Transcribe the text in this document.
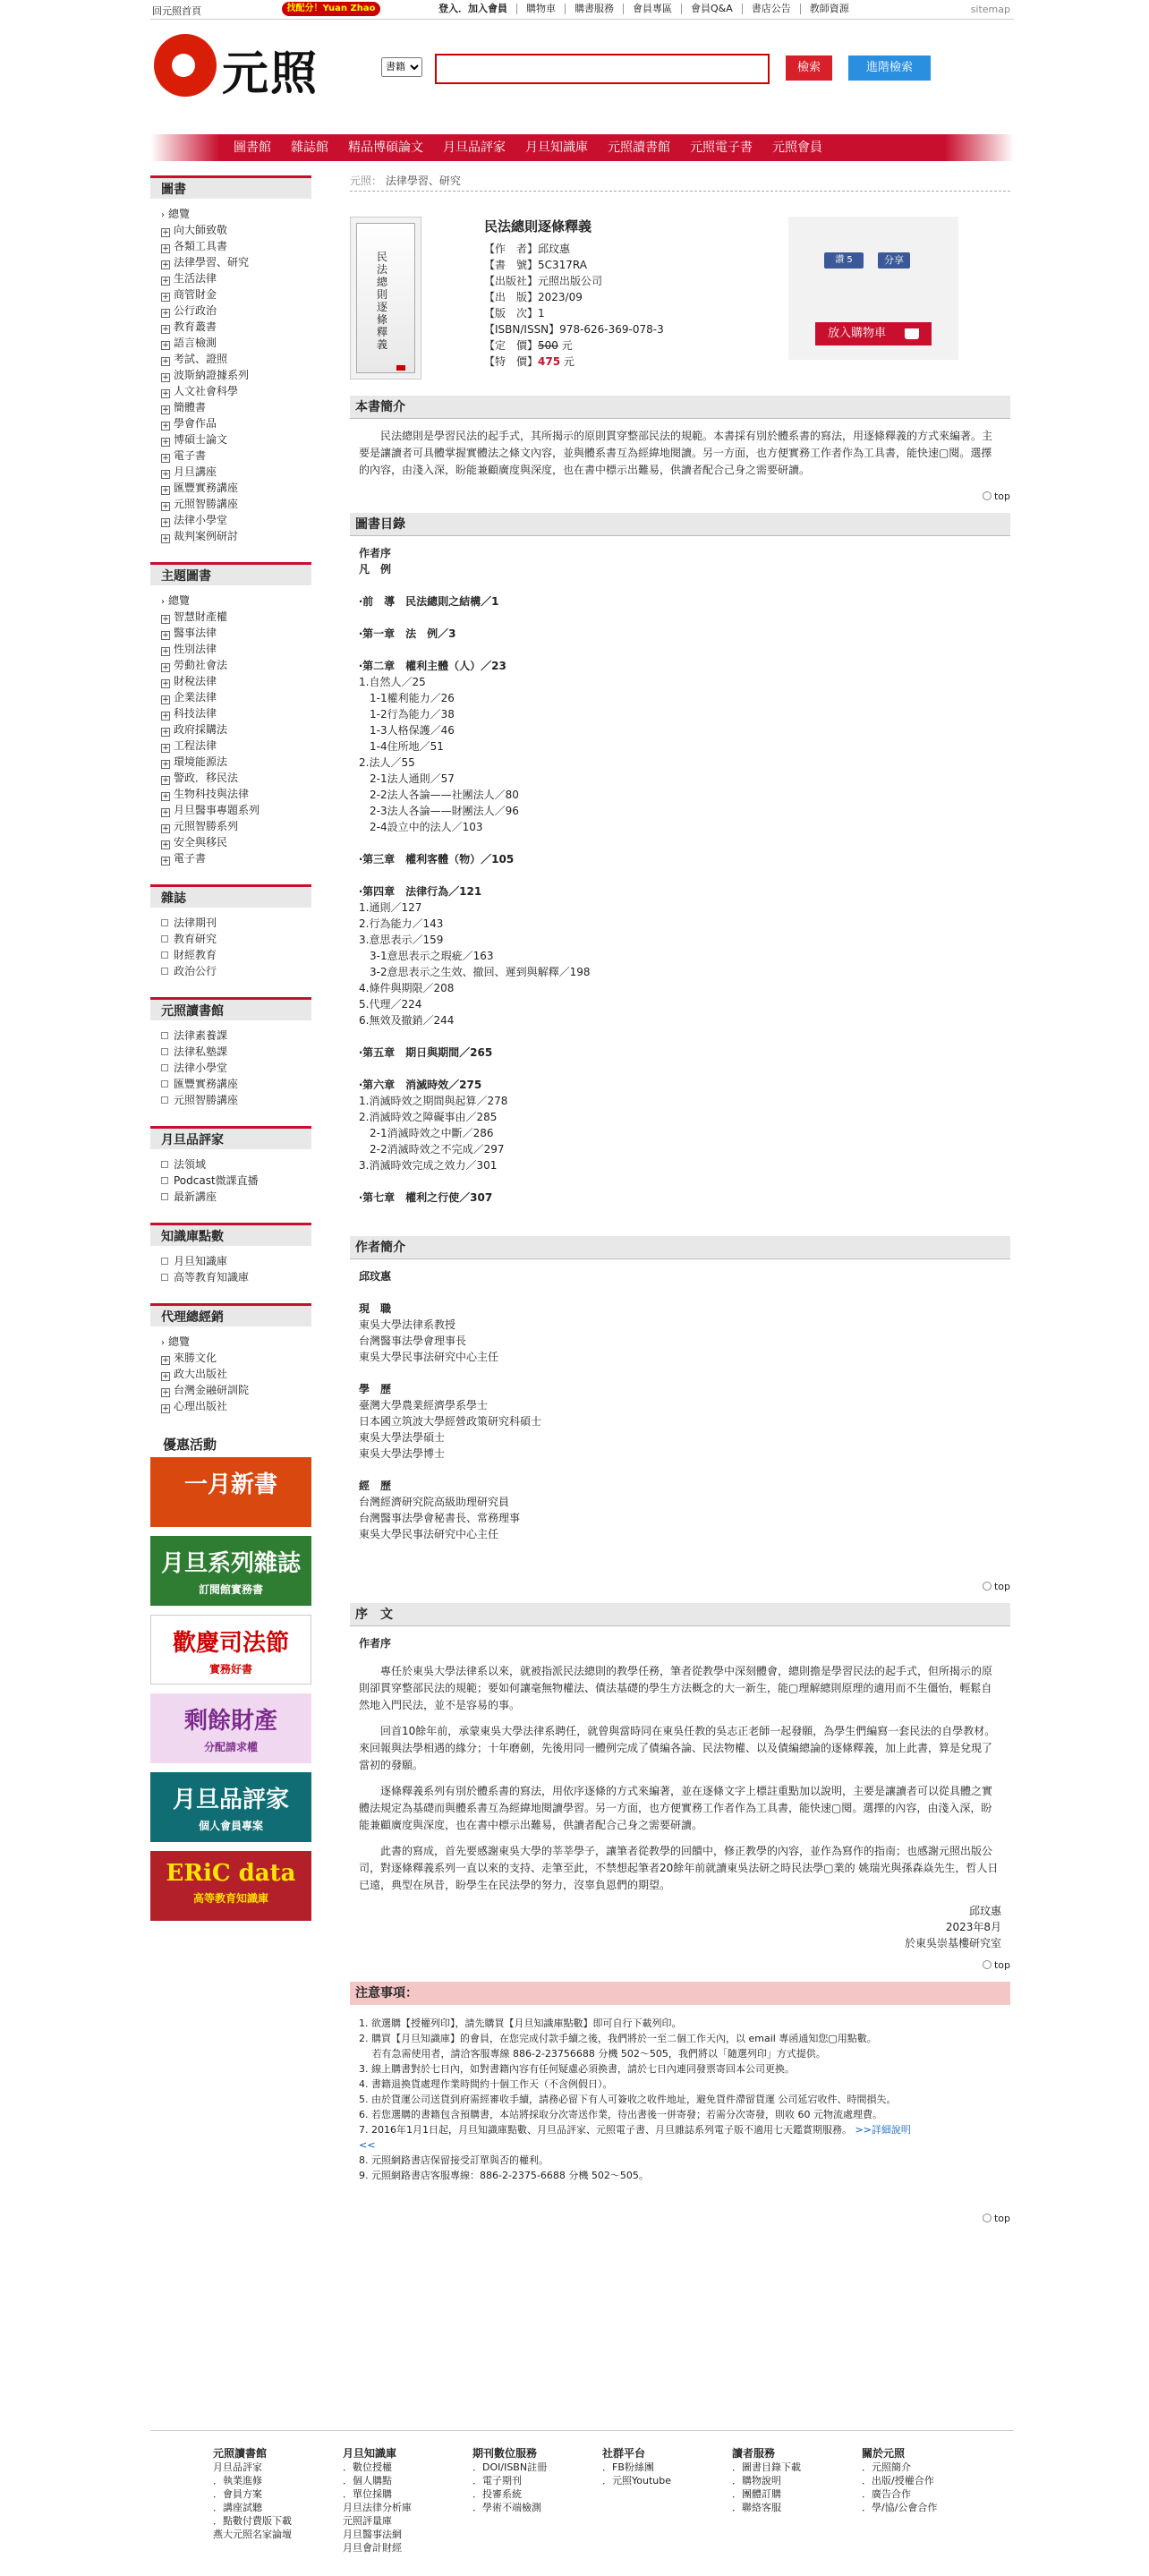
回元照首頁	找配分！Yuan Zhao	登入．加入會員	購物車	購書服務	會員專區	會員Q&A	書店公告	教師資源	sitemap
元照
書籍	檢索	進階檢索
圖書館	雜誌館	精品博碩論文	月旦品評家	月旦知識庫	元照讀書館	元照電子書	元照會員
圖書
› 總覽
+ 向大師致敬
+ 各類工具書
+ 法律學習、研究
+ 生活法律
+ 商管財金
+ 公行政治
+ 教育叢書
+ 語言檢測
+ 考試、證照
+ 波斯納證據系列
+ 人文社會科學
+ 簡體書
+ 學會作品
+ 博碩士論文
+ 電子書
+ 月旦講座
+ 匯豐實務講座
+ 元照智勝講座
+ 法律小學堂
+ 裁判案例研討
主題圖書
› 總覽
+ 智慧財產權
+ 醫事法律
+ 性別法律
+ 勞動社會法
+ 財稅法律
+ 企業法律
+ 科技法律
+ 政府採購法
+ 工程法律
+ 環境能源法
+ 警政．移民法
+ 生物科技與法律
+ 月旦醫事專題系列
+ 元照智勝系列
+ 安全與移民
+ 電子書
雜誌
法律期刊
教育研究
財經教育
政治公行
元照讀書館
法律素養課
法律私塾課
法律小學堂
匯豐實務講座
元照智勝講座
月旦品評家
法領域
Podcast微課直播
最新講座
知識庫點數
月旦知識庫
高等教育知識庫
代理總經銷
› 總覽
+ 來勝文化
+ 政大出版社
+ 台灣金融研訓院
+ 心理出版社
優惠活動
一月新書
月旦系列雜誌
訂閱館實務書
歡慶司法節
實務好書
剩餘財產
分配請求權
月旦品評家
個人會員專案
ERiC data
高等教育知識庫
元照： 法律學習、研究
民法總則逐條釋義
民法總則逐條釋義
【作　者】邱玟惠
【書　號】5C317RA
【出版社】元照出版公司
【出　版】2023/09
【版　次】1
【ISBN/ISSN】978-626-369-078-3
【定　價】500 元
【特　價】475 元
讚 5	分享
放入購物車
本書簡介

民法總則是學習民法的起手式，其所揭示的原則貫穿整部民法的規範。本書採有別於體系書的寫法，用逐條釋義的方式來編著。主要是讓讀者可具體掌握實體法之條文內容，並與體系書互為經緯地閱讀。另一方面，也方便實務工作者作為工具書，能快速▢閱。選擇的內容，由淺入深，盼能兼顧廣度與深度，也在書中標示出難易，供讀者配合己身之需要研讀。

top
圖書目錄
作者序
凡　例
‧前　導　民法總則之結構／1
‧第一章　法　例／3
‧第二章　權利主體（人）／23
1.自然人／25
　1-1權利能力／26
　1-2行為能力／38
　1-3人格保護／46
　1-4住所地／51
2.法人／55
　2-1法人通則／57
　2-2法人各論——社團法人／80
　2-3法人各論——財團法人／96
　2-4設立中的法人／103
‧第三章　權利客體（物）／105
‧第四章　法律行為／121
1.通則／127
2.行為能力／143
3.意思表示／159
　3-1意思表示之瑕疵／163
　3-2意思表示之生效、撤回、遲到與解釋／198
4.條件與期限／208
5.代理／224
6.無效及撤銷／244
‧第五章　期日與期間／265
‧第六章　消滅時效／275
1.消滅時效之期間與起算／278
2.消滅時效之障礙事由／285
　2-1消滅時效之中斷／286
　2-2消滅時效之不完成／297
3.消滅時效完成之效力／301
‧第七章　權利之行使／307
作者簡介
邱玟惠
現　職
東吳大學法律系教授
台灣醫事法學會理事長
東吳大學民事法研究中心主任
學　歷
臺灣大學農業經濟學系學士
日本國立筑波大學經營政策研究科碩士
東吳大學法學碩士
東吳大學法學博士
經　歷
台灣經濟研究院高級助理研究員
台灣醫事法學會秘書長、常務理事
東吳大學民事法研究中心主任
top
序　文
作者序

專任於東吳大學法律系以來，就被指派民法總則的教學任務，筆者從教學中深刻體會，總則擔是學習民法的起手式，但所揭示的原則卻貫穿整部民法的規範；要如何讓毫無物權法、債法基礎的學生方法概念的大一新生，能▢理解總則原理的適用而不生僵怡，輕鬆自然地入門民法，並不是容易的事。

回首10餘年前，承蒙東吳大學法律系聘任，就曾與當時同在東吳任教的吳志正老師一起發願，為學生們編寫一套民法的自學教材。來回報與法學相遇的緣分；十年磨劍，先後用同一體例完成了債編各論、民法物權、以及債編總論的逐條釋義，加上此書，算是兌現了當初的發願。

逐條釋義系列有別於體系書的寫法，用依序逐條的方式來編著，並在逐條文字上標註重點加以說明，主要是讓讀者可以從具體之實體法規定為基礎而與體系書互為經緯地閱讀學習。另一方面，也方便實務工作者作為工具書，能快速▢閱。選擇的內容，由淺入深，盼能兼顧廣度與深度，也在書中標示出難易，供讀者配合己身之需要研讀。

此書的寫成，首先要感謝東吳大學的莘莘學子，讓筆者從教學的回饋中，修正教學的內容，並作為寫作的指南；也感謝元照出版公司，對逐條釋義系列一直以來的支持、走筆至此，不禁想起筆者20餘年前就讀東吳法研之時民法學▢業的 姚瑞光與孫森焱先生，哲人日已遠，典型在夙昔，盼學生在民法學的努力，沒辜負恩們的期望。

邱玟惠
2023年8月
於東吳崇基樓研究室
top
注意事項：
1. 欲選購【授權列印】，請先購買【月旦知識庫點數】即可自行下載列印。
2. 購買【月旦知識庫】的會員，在您完成付款手續之後，我們將於一至二個工作天內，以 email 專函通知您▢用點數。
　 若有急需使用者，請洽客服專線 886-2-23756688 分機 502～505，我們將以「隨選列印」方式提供。
3. 線上購書對於七日內，如對書籍內容有任何疑慮必須換書，請於七日內連同發票寄回本公司更換。
4. 書籍退換貨處理作業時間約十個工作天（不含例假日）。
5. 由於貨運公司送貨到府需經審收手續，請務必留下有人可簽收之收件地址，避免貨件滯留貨運 公司延宕收件、時間損失。
6. 若您選購的書籍包含預購書，本站將採取分次寄送作業，待出書後一併寄發；若需分次寄發，則收 60 元物流處理費。
7. 2016年1月1日起，月旦知識庫點數、月旦品評家、元照電子書、月旦雜誌系列電子版不適用七天鑑賞期服務。 >>詳細說明
<<
8. 元照網路書店保留接受訂單與否的權利。
9. 元照網路書店客服專線：886-2-2375-6688 分機 502～505。
top
元照讀書館
月旦品評家
．執業進修
．會員方案
．講座試聽
．點數付費版下載
燕大元照名家論壇
月旦知識庫
．數位授權
．個人購點
．單位採購
月旦法律分析庫
元照評量庫
月旦醫事法網
月旦會計財經
期刊數位服務
．DOI/ISBN註冊
．電子期刊
．投審系統
．學術不端檢測
社群平台
．FB粉絲團
．元照Youtube
讀者服務
．圖書目錄下載
．購物說明
．團體訂購
．聯絡客服
關於元照
．元照簡介
．出版/授權合作
．廣告合作
．學/協/公會合作
